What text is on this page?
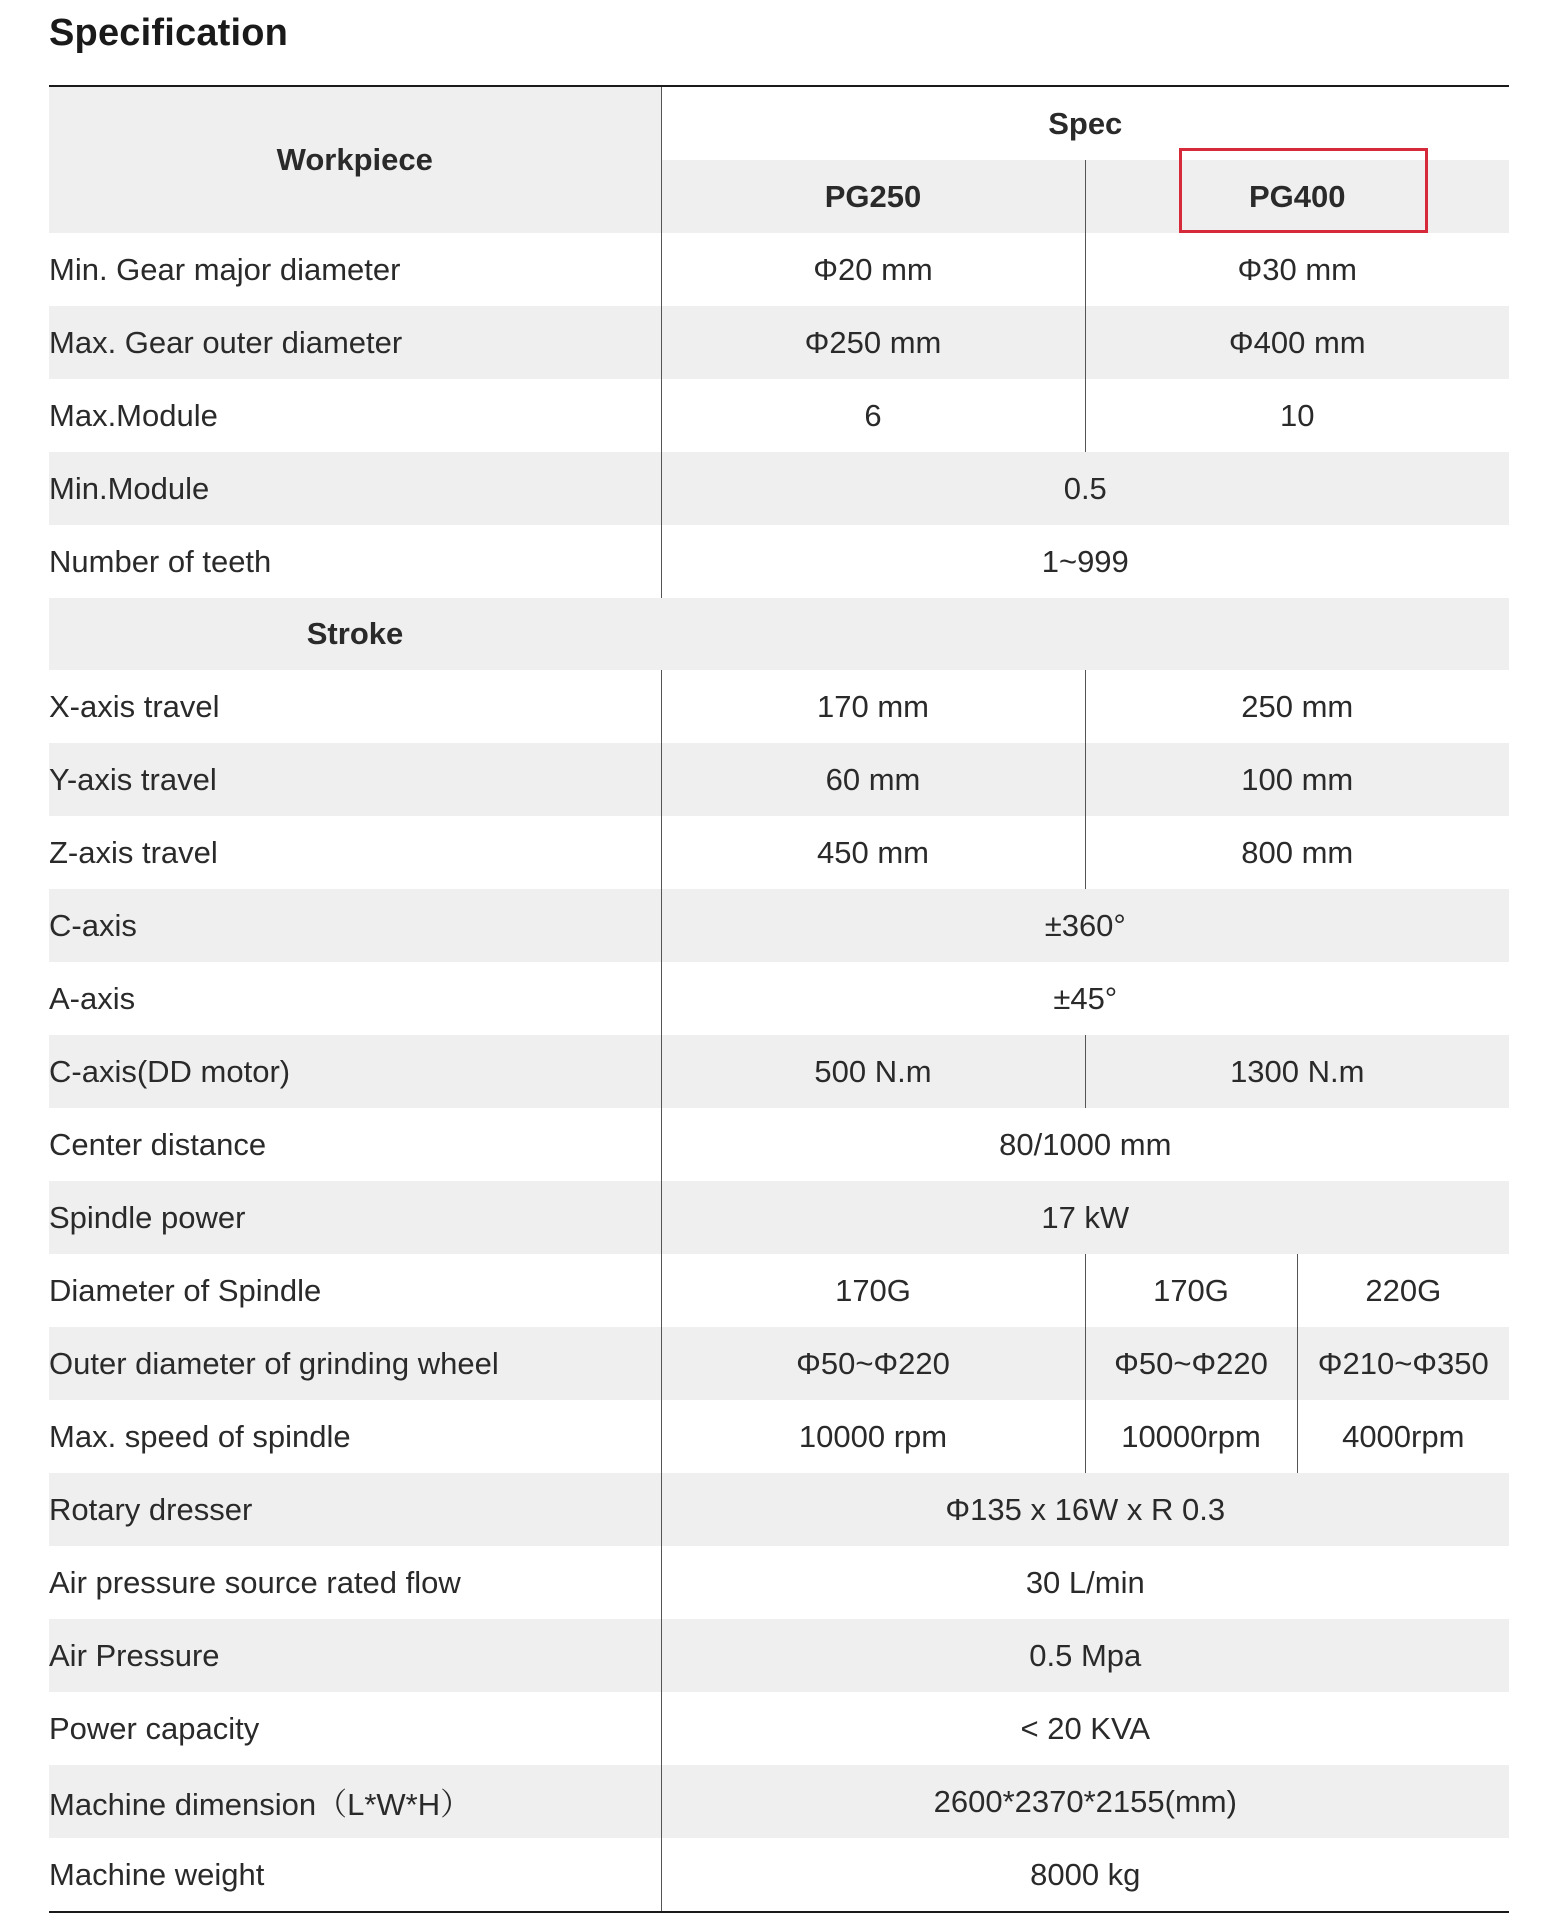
Specification
Workpiece	Spec		
	PG250	PG400	
Min. Gear major diameter	Φ20 mm	Φ30 mm	
Max. Gear outer diameter	Φ250 mm	Φ400 mm	
Max.Module	6	10	
Min.Module	0.5		
Number of teeth	1~999		
Stroke			
X-axis travel	170 mm	250 mm	
Y-axis travel	60 mm	100 mm	
Z-axis travel	450 mm	800 mm	
C-axis	±360°		
A-axis	±45°		
C-axis(DD motor)	500 N.m	1300 N.m	
Center distance	80/1000 mm		
Spindle power	17 kW		
Diameter of Spindle	170G	170G	220G
Outer diameter of grinding wheel	Φ50~Φ220	Φ50~Φ220	Φ210~Φ350
Max. speed of spindle	10000 rpm	10000rpm	4000rpm
Rotary dresser	Φ135 x 16W x R 0.3		
Air pressure source rated flow	30 L/min		
Air Pressure	0.5 Mpa		
Power capacity	< 20 KVA		
Machine dimension（L*W*H）	2600*2370*2155(mm)		
Machine weight	8000 kg		
